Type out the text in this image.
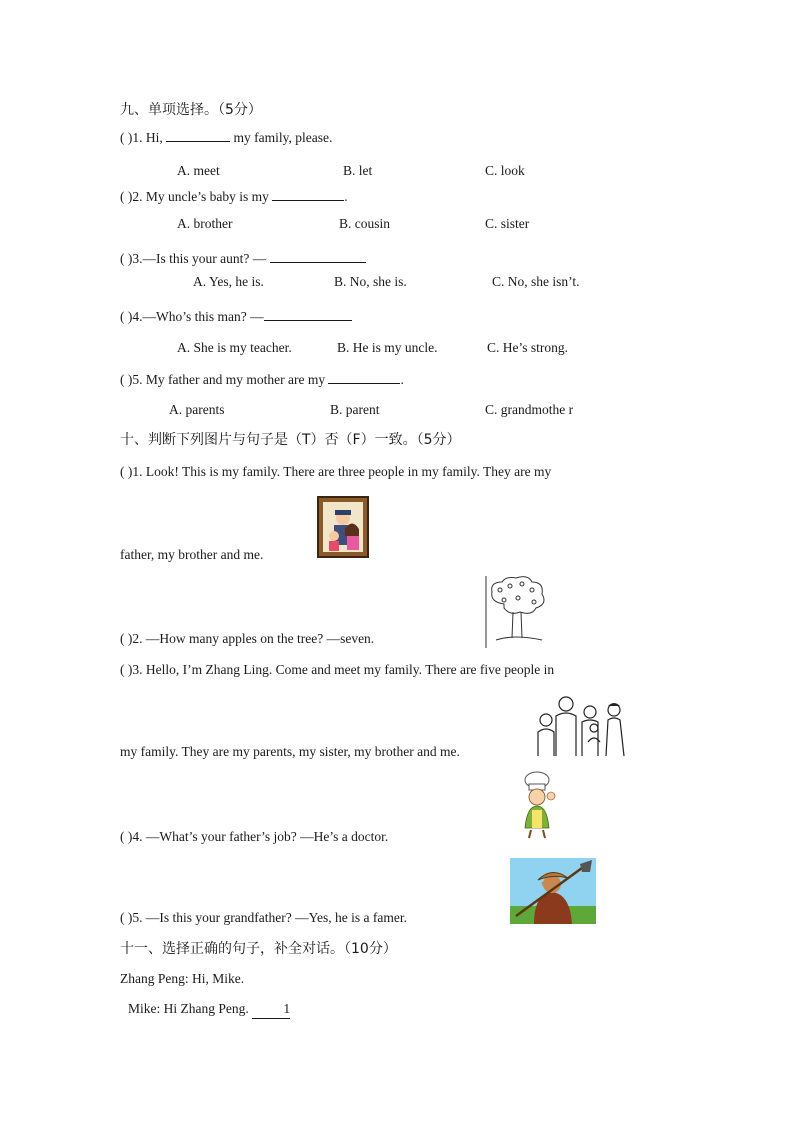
九、单项选择。（5分）
( )1. Hi,	my family, please.
A. meet	B. let	C. look
( )2. My uncle’s baby is my	.
A. brother	B. cousin	C. sister
( )3.—Is this your aunt? —
A. Yes, he is.	B. No, she is.	C. No, she isn’t.
( )4.—Who’s this man? —
A. She is my teacher.	B. He is my uncle.	C. He’s strong.
( )5. My father and my mother are my	.
A. parents	B. parent	C. grandmothe r
十、判断下列图片与句子是（T）否（F）一致。（5分）
( )1. Look! This is my family. There are three people in my family. They are my
father, my brother and me.
( )2. —How many apples on the tree? —seven.
( )3. Hello, I’m Zhang Ling. Come and meet my family. There are five people in
my family. They are my parents, my sister, my brother and me.
( )4. —What’s your father’s job? —He’s a doctor.
( )5. —Is this your grandfather? —Yes, he is a famer.
十一、选择正确的句子，补全对话。（10分）
Zhang Peng: Hi, Mike.
Mike: Hi Zhang Peng. 1
